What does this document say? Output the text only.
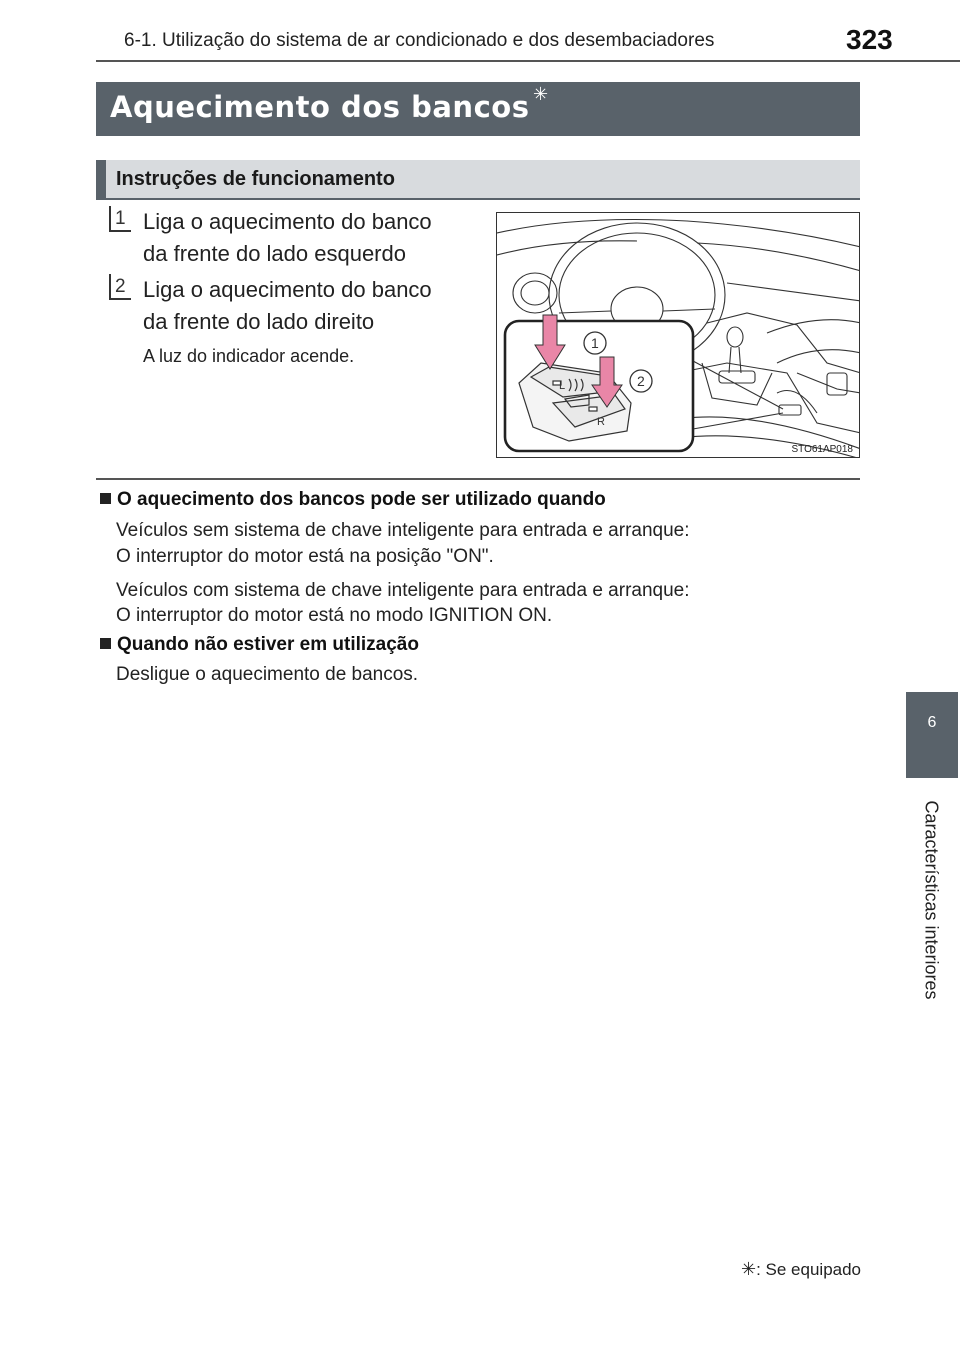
6-1. Utilização do sistema de ar condicionado e dos desembaciadores	323
Aquecimento dos bancos ✳
Instruções de funcionamento
1 Liga o aquecimento do banco
da frente do lado esquerdo
2 Liga o aquecimento do banco
da frente do lado direito
A luz do indicador acende.
L
R
1
2
STO61AP018
O aquecimento dos bancos pode ser utilizado quando
Veículos sem sistema de chave inteligente para entrada e arranque:
O interruptor do motor está na posição "ON".
Veículos com sistema de chave inteligente para entrada e arranque:
O interruptor do motor está no modo IGNITION ON.
Quando não estiver em utilização
Desligue o aquecimento de bancos.
6
Características interiores
✳: Se equipado
